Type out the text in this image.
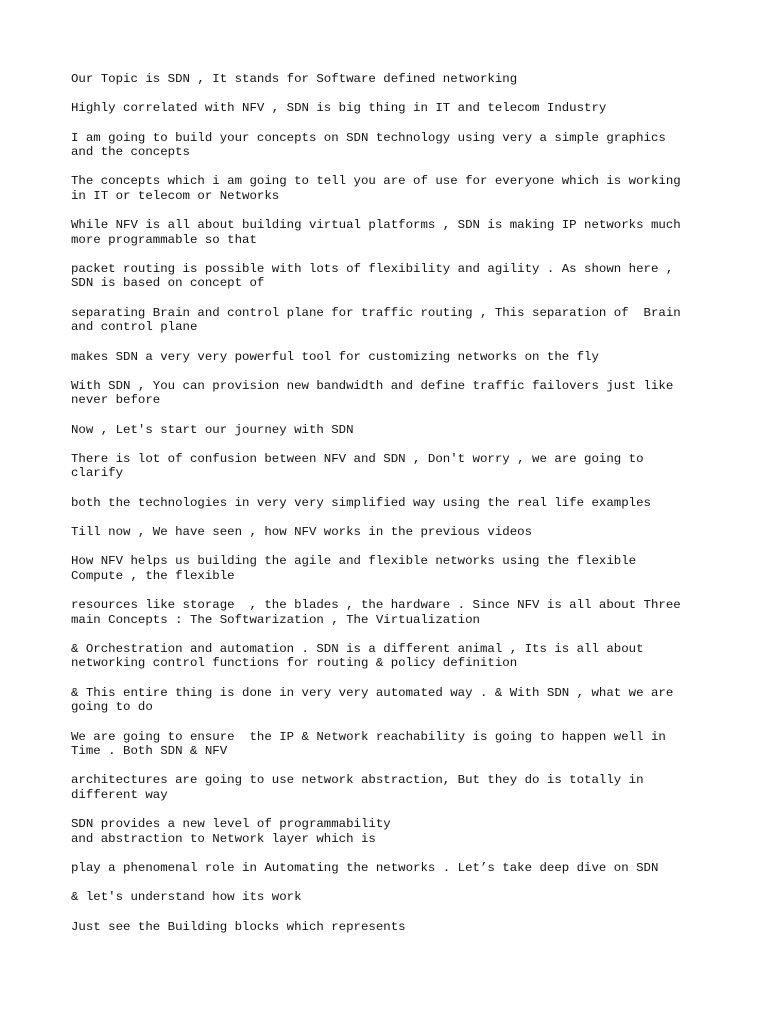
Our Topic is SDN , It stands for Software defined networking

Highly correlated with NFV , SDN is big thing in IT and telecom Industry

I am going to build your concepts on SDN technology using very a simple graphics
and the concepts

The concepts which i am going to tell you are of use for everyone which is working
in IT or telecom or Networks

While NFV is all about building virtual platforms , SDN is making IP networks much
more programmable so that

packet routing is possible with lots of flexibility and agility . As shown here ,
SDN is based on concept of

separating Brain and control plane for traffic routing , This separation of  Brain
and control plane

makes SDN a very very powerful tool for customizing networks on the fly

With SDN , You can provision new bandwidth and define traffic failovers just like
never before

Now , Let's start our journey with SDN

There is lot of confusion between NFV and SDN , Don't worry , we are going to
clarify

both the technologies in very very simplified way using the real life examples

Till now , We have seen , how NFV works in the previous videos

How NFV helps us building the agile and flexible networks using the flexible
Compute , the flexible

resources like storage  , the blades , the hardware . Since NFV is all about Three
main Concepts : The Softwarization , The Virtualization

& Orchestration and automation . SDN is a different animal , Its is all about
networking control functions for routing & policy definition

& This entire thing is done in very very automated way . & With SDN , what we are
going to do

We are going to ensure  the IP & Network reachability is going to happen well in
Time . Both SDN & NFV

architectures are going to use network abstraction, But they do is totally in
different way

SDN provides a new level of programmability
and abstraction to Network layer which is

play a phenomenal role in Automating the networks . Let’s take deep dive on SDN

& let's understand how its work

Just see the Building blocks which represents
